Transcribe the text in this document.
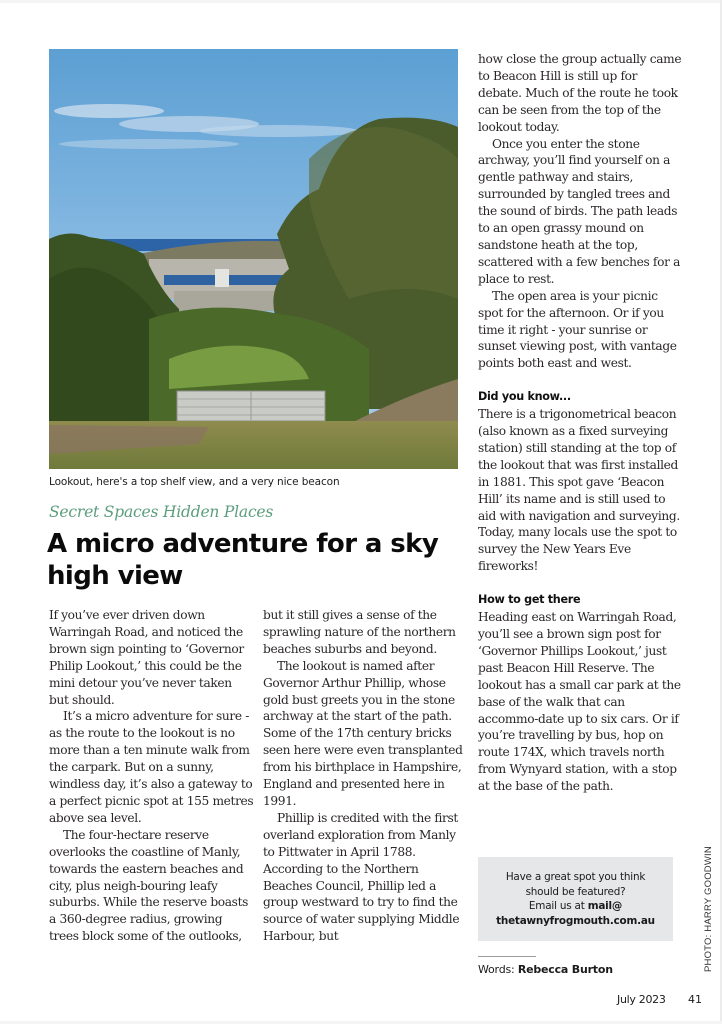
Lookout, here's a top shelf view, and a very nice beacon
Secret Spaces Hidden Places
A micro adventure for a sky high view

If you’ve ever driven down Warringah Road, and noticed the brown sign pointing to ‘Governor Philip Lookout,’ this could be the mini detour you’ve never taken but should.

It’s a micro adventure for sure - as the route to the lookout is no more than a ten minute walk from the carpark. But on a sunny, windless day, it’s also a gateway to a perfect picnic spot at 155 metres above sea level.

The four-hectare reserve overlooks the coastline of Manly, towards the eastern beaches and city, plus neigh-bouring leafy suburbs. While the reserve boasts a 360-degree radius, growing trees block some of the outlooks,

but it still gives a sense of the sprawling nature of the northern beaches suburbs and beyond.

The lookout is named after Governor Arthur Phillip, whose gold bust greets you in the stone archway at the start of the path. Some of the 17th century bricks seen here were even transplanted from his birthplace in Hampshire, England and presented here in 1991.

Phillip is credited with the first overland exploration from Manly to Pittwater in April 1788. According to the Northern Beaches Council, Phillip led a group westward to try to find the source of water supplying Middle Harbour, but

how close the group actually came to Beacon Hill is still up for debate. Much of the route he took can be seen from the top of the lookout today.

Once you enter the stone archway, you’ll find yourself on a gentle pathway and stairs, surrounded by tangled trees and the sound of birds. The path leads to an open grassy mound on sandstone heath at the top, scattered with a few benches for a place to rest.

The open area is your picnic spot for the afternoon. Or if you time it right - your sunrise or sunset viewing post, with vantage points both east and west.

Did you know...

There is a trigonometrical beacon (also known as a fixed surveying station) still standing at the top of the lookout that was first installed in 1881. This spot gave ‘Beacon Hill’ its name and is still used to aid with navigation and surveying. Today, many locals use the spot to survey the New Years Eve fireworks!

How to get there

Heading east on Warringah Road, you’ll see a brown sign post for ‘Governor Phillips Lookout,’ just past Beacon Hill Reserve. The lookout has a small car park at the base of the walk that can accommo-date up to six cars. Or if you’re travelling by bus, hop on route 174X, which travels north from Wynyard station, with a stop at the base of the path.

Have a great spot you think
should be featured?
Email us at mail@
thetawnyfrogmouth.com.au
Words: Rebecca Burton	PHOTO: HARRY GOODWIN
July 2023 41
